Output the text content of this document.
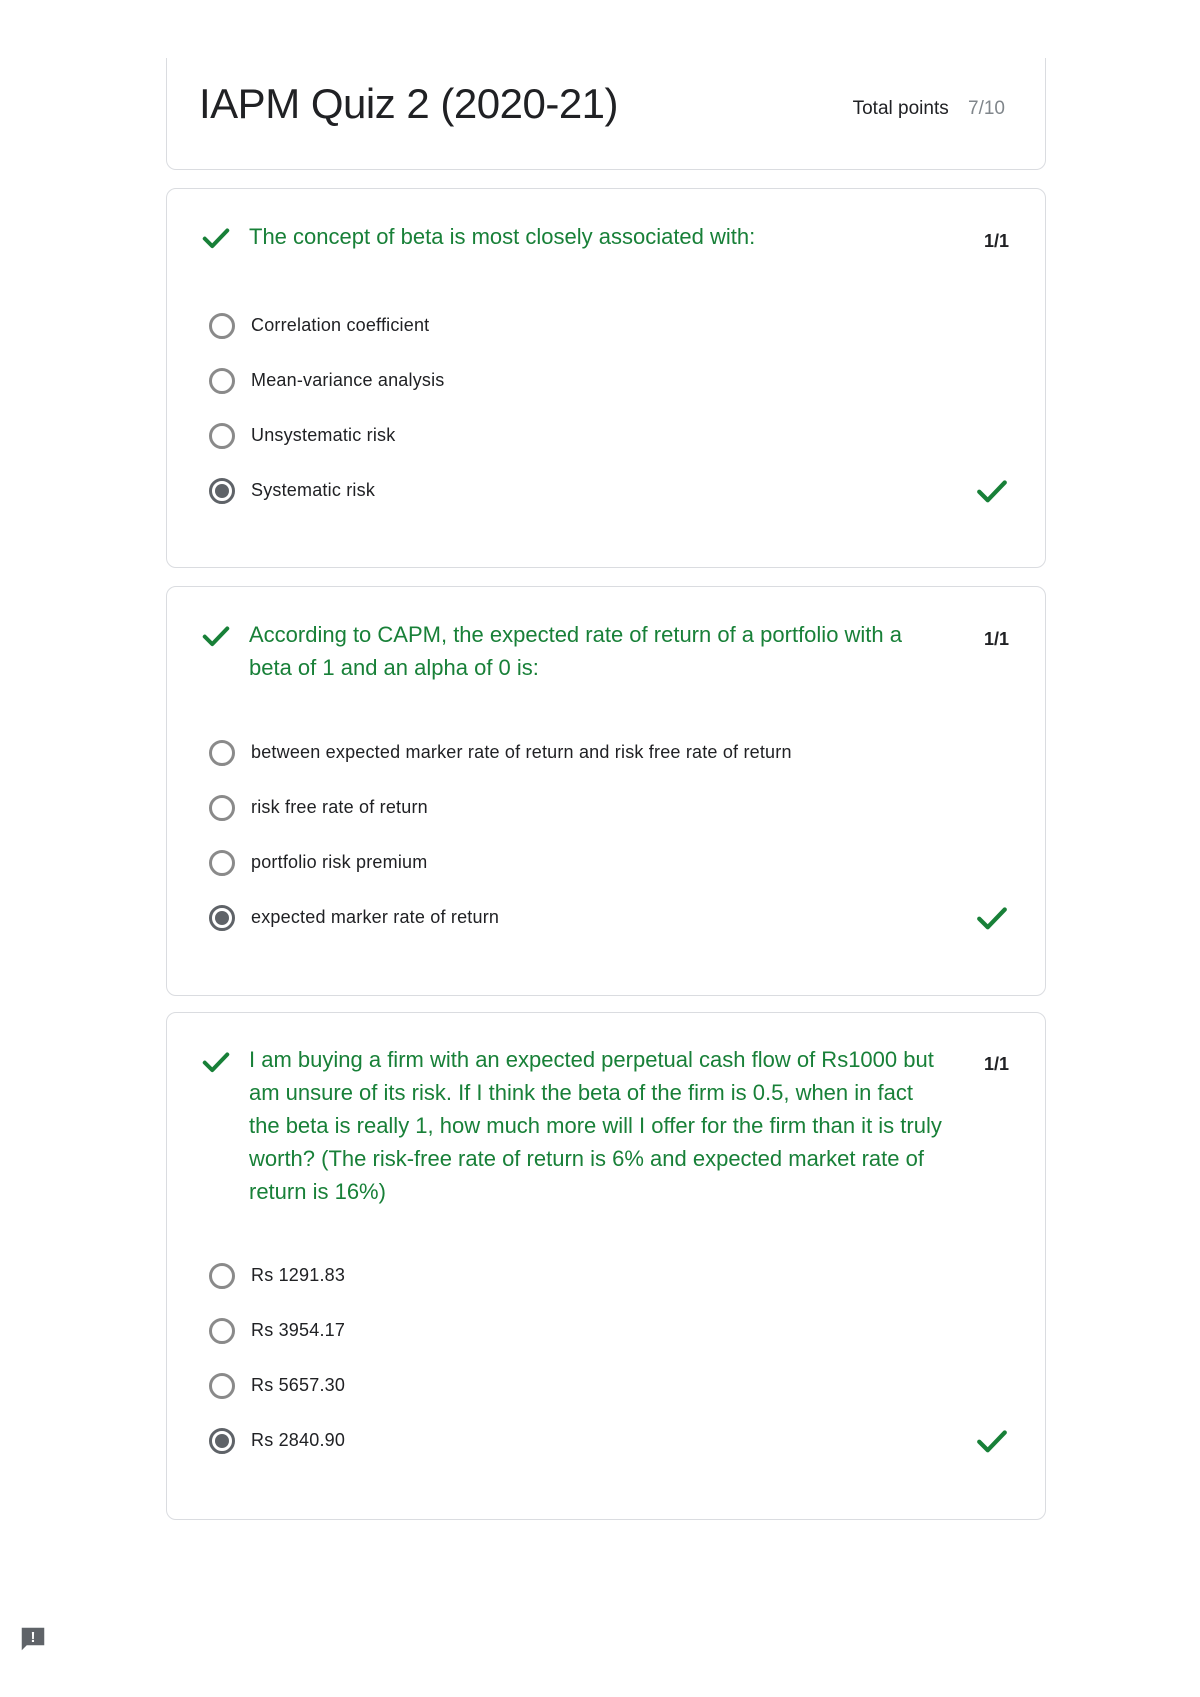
IAPM Quiz 2 (2020-21)	Total points 7/10
The concept of beta is most closely associated with:	1/1
Correlation coefficient
Mean-variance analysis
Unsystematic risk
Systematic risk
According to CAPM, the expected rate of return of a portfolio with a beta of 1 and an alpha of 0 is:
1/1
between expected marker rate of return and risk free rate of return
risk free rate of return
portfolio risk premium
expected marker rate of return
I am buying a firm with an expected perpetual cash flow of Rs1000 but am unsure of its risk. If I think the beta of the firm is 0.5, when in fact the beta is really 1, how much more will I offer for the firm than it is truly worth? (The risk-free rate of return is 6% and expected market rate of return is 16%)
1/1
Rs 1291.83
Rs 3954.17
Rs 5657.30
Rs 2840.90
!
